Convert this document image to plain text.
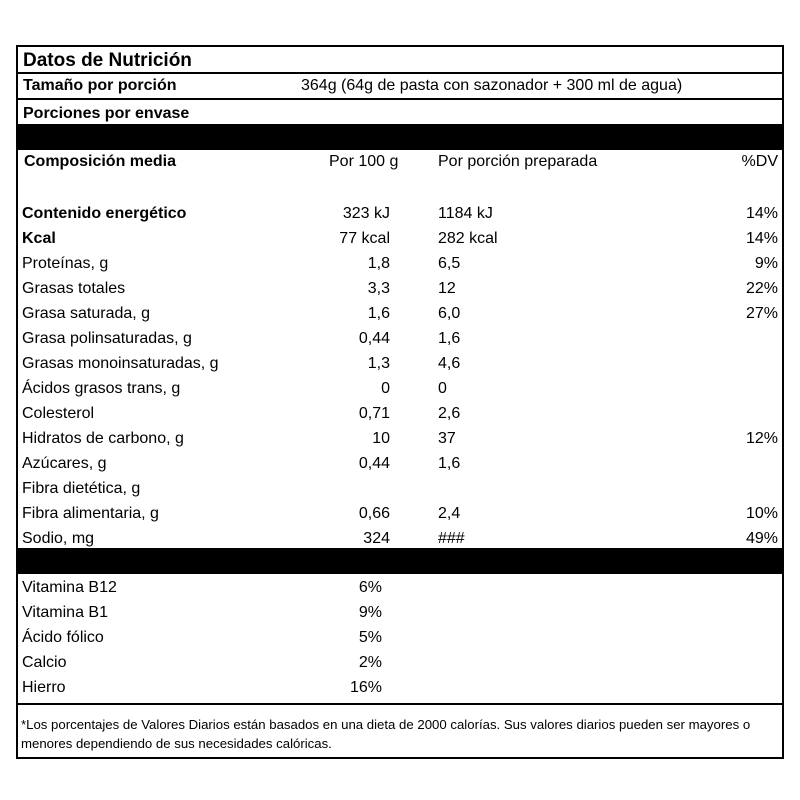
Datos de Nutrición
Tamaño por porción	364g (64g de pasta con sazonador + 300 ml de agua)
Porciones por envase
Composición media	Por 100 g Por porción preparada	%DV
Contenido energético	323 kJ	1184 kJ	14%
Kcal	77 kcal	282 kcal	14%
Proteínas, g	1,8	6,5	9%
Grasas totales	3,3	12	22%
Grasa saturada, g	1,6	6,0	27%
Grasa polinsaturadas, g	0,44	1,6
Grasas monoinsaturadas, g	1,3	4,6
Ácidos grasos trans, g	0	0
Colesterol	0,71	2,6
Hidratos de carbono, g	10	37	12%
Azúcares, g	0,44	1,6
Fibra dietética, g
Fibra alimentaria, g	0,66	2,4	10%
Sodio, mg	324	###	49%
Vitamina B12	6%
Vitamina B1	9%
Ácido fólico	5%
Calcio	2%
Hierro	16%

*Los porcentajes de Valores Diarios están basados en una dieta de 2000 calorías. Sus valores diarios pueden ser mayores o menores dependiendo de sus necesidades calóricas.
